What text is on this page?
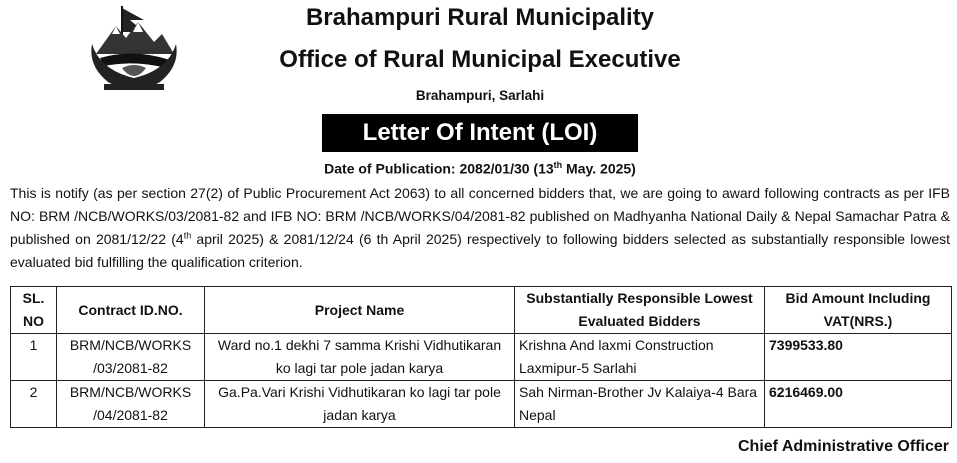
Brahampuri Rural Municipality
Office of Rural Municipal Executive
Brahampuri, Sarlahi
Letter Of Intent (LOI)
Date of Publication: 2082/01/30 (13th May. 2025)

This is notify (as per section 27(2) of Public Procurement Act 2063) to all concerned bidders that, we are going to award following contracts as per IFB NO: BRM /NCB/WORKS/03/2081-82 and IFB NO: BRM /NCB/WORKS/04/2081-82 published on Madhyanha National Daily & Nepal Samachar Patra & published on 2081/12/22 (4th april 2025) & 2081/12/24 (6 th April 2025) respectively to following bidders selected as substantially responsible lowest evaluated bid fulfilling the qualification criterion.

SL. NO	Contract ID.NO.	Project Name	Substantially Responsible Lowest Evaluated Bidders	Bid Amount Including VAT(NRS.)
1	BRM/NCB/WORKS /03/2081-82	Ward no.1 dekhi 7 samma Krishi Vidhutikaran ko lagi tar pole jadan karya	Krishna And laxmi Construction Laxmipur-5 Sarlahi	7399533.80
2	BRM/NCB/WORKS /04/2081-82	Ga.Pa.Vari Krishi Vidhutikaran ko lagi tar pole jadan karya	Sah Nirman-Brother Jv Kalaiya-4 Bara Nepal	6216469.00
Chief Administrative Officer
